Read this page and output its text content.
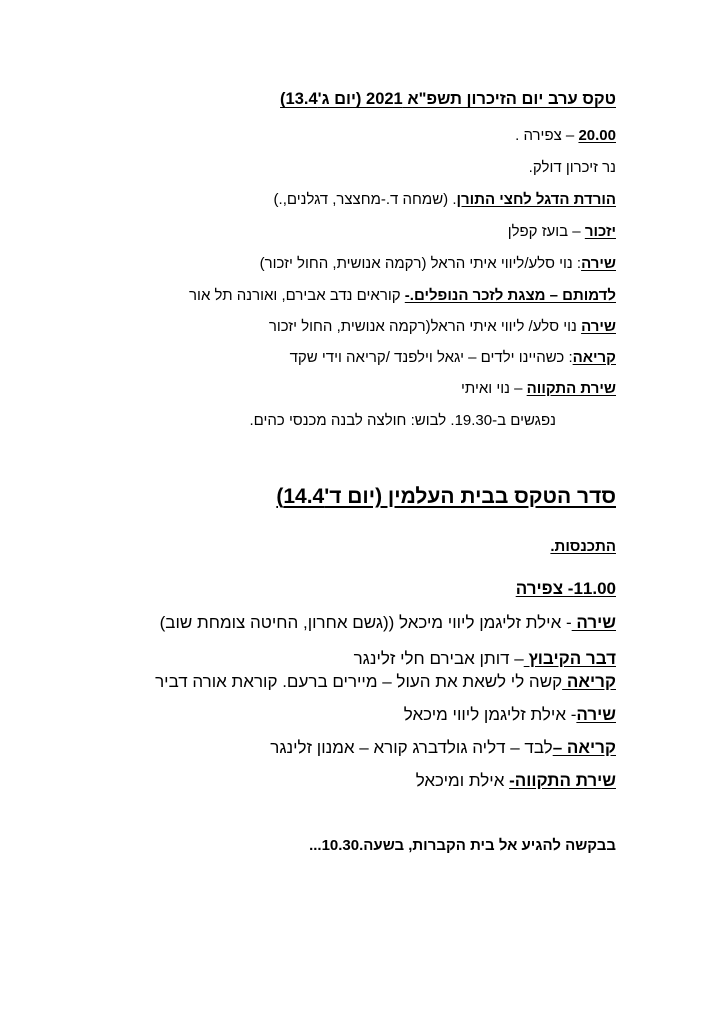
טקס ערב יום הזיכרון תשפ"א 2021 (יום ג'13.4)
20.00 – צפירה .
נר זיכרון דולק.
הורדת הדגל לחצי התורן. (שמחה ד.-מחצצר, דגלנים,.)
יזכור – בועז קפלן
שירה: נוי סלע/ליווי איתי הראל (רקמה אנושית, החול יזכור)
לדמותם – מצגת לזכר הנופלים.- קוראים נדב אבירם, ואורנה תל אור
שירה נוי סלע/ ליווי איתי הראל(רקמה אנושית, החול יזכור
קריאה: כשהיינו ילדים – יגאל וילפנד /קריאה וידי שקד
שירת התקווה – נוי ואיתי
נפגשים ב-19.30. לבוש: חולצה לבנה מכנסי כהים.
סדר הטקס בבית העלמין (יום ד'14.4)
התכנסות.
11.00- צפירה
שירה - אילת זליגמן ליווי מיכאל ((גשם אחרון, החיטה צומחת שוב)
דבר הקיבוץ – דותן אבירם חלי זלינגר
קריאה קשה לי לשאת את העול – מיירים ברעם. קוראת אורה דביר
שירה- אילת זליגמן ליווי מיכאל
קריאה –לבד – דליה גולדברג קורא – אמנון זלינגר
שירת התקווה- אילת ומיכאל
בבקשה להגיע אל בית הקברות, בשעה.10.30...
